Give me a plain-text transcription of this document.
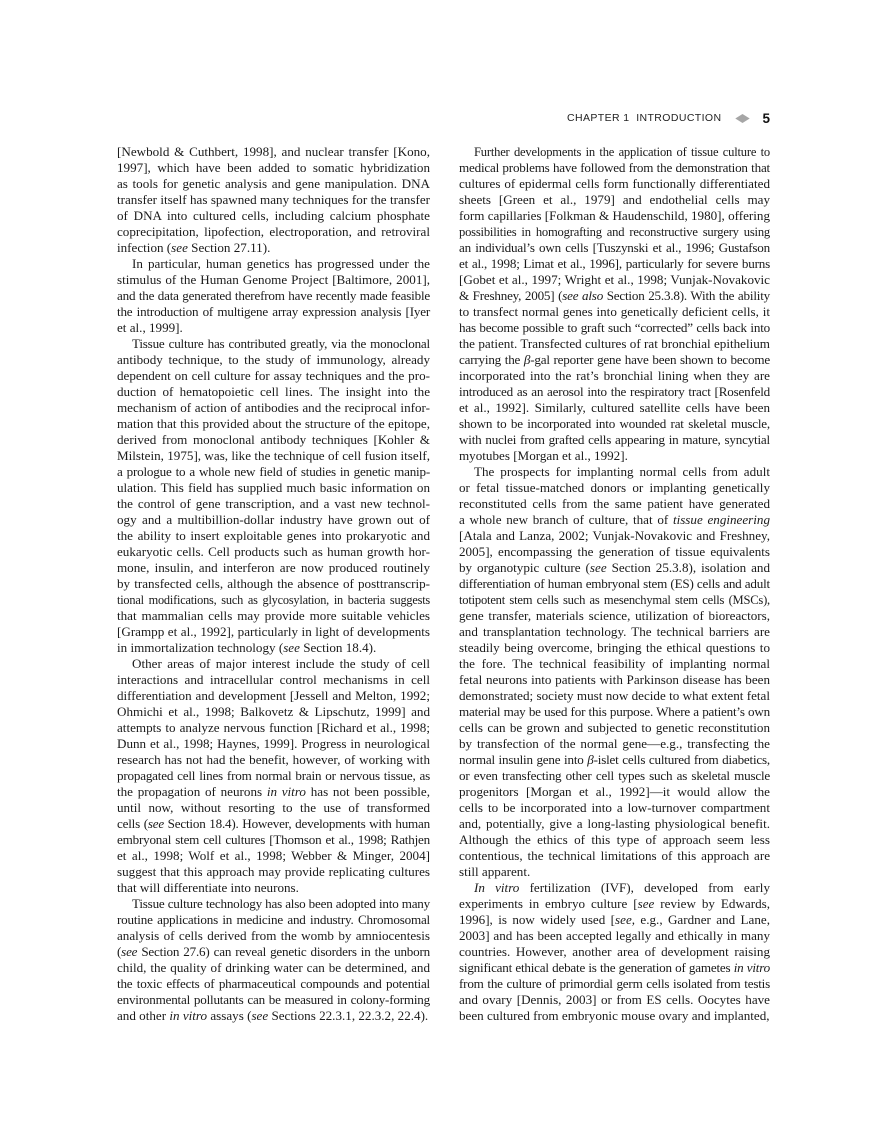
CHAPTER 1 INTRODUCTION	5
[Newbold & Cuthbert, 1998], and nuclear transfer [Kono,
1997], which have been added to somatic hybridization
as tools for genetic analysis and gene manipulation. DNA
transfer itself has spawned many techniques for the transfer
of DNA into cultured cells, including calcium phosphate
coprecipitation, lipofection, electroporation, and retroviral
infection (see Section 27.11).
In particular, human genetics has progressed under the
stimulus of the Human Genome Project [Baltimore, 2001],
and the data generated therefrom have recently made feasible
the introduction of multigene array expression analysis [Iyer
et al., 1999].
Tissue culture has contributed greatly, via the monoclonal
antibody technique, to the study of immunology, already
dependent on cell culture for assay techniques and the pro-
duction of hematopoietic cell lines. The insight into the
mechanism of action of antibodies and the reciprocal infor-
mation that this provided about the structure of the epitope,
derived from monoclonal antibody techniques [Kohler &
Milstein, 1975], was, like the technique of cell fusion itself,
a prologue to a whole new field of studies in genetic manip-
ulation. This field has supplied much basic information on
the control of gene transcription, and a vast new technol-
ogy and a multibillion-dollar industry have grown out of
the ability to insert exploitable genes into prokaryotic and
eukaryotic cells. Cell products such as human growth hor-
mone, insulin, and interferon are now produced routinely
by transfected cells, although the absence of posttranscrip-
tional modifications, such as glycosylation, in bacteria suggests
that mammalian cells may provide more suitable vehicles
[Grampp et al., 1992], particularly in light of developments
in immortalization technology (see Section 18.4).
Other areas of major interest include the study of cell
interactions and intracellular control mechanisms in cell
differentiation and development [Jessell and Melton, 1992;
Ohmichi et al., 1998; Balkovetz & Lipschutz, 1999] and
attempts to analyze nervous function [Richard et al., 1998;
Dunn et al., 1998; Haynes, 1999]. Progress in neurological
research has not had the benefit, however, of working with
propagated cell lines from normal brain or nervous tissue, as
the propagation of neurons in vitro has not been possible,
until now, without resorting to the use of transformed
cells (see Section 18.4). However, developments with human
embryonal stem cell cultures [Thomson et al., 1998; Rathjen
et al., 1998; Wolf et al., 1998; Webber & Minger, 2004]
suggest that this approach may provide replicating cultures
that will differentiate into neurons.
Tissue culture technology has also been adopted into many
routine applications in medicine and industry. Chromosomal
analysis of cells derived from the womb by amniocentesis
(see Section 27.6) can reveal genetic disorders in the unborn
child, the quality of drinking water can be determined, and
the toxic effects of pharmaceutical compounds and potential
environmental pollutants can be measured in colony-forming
and other in vitro assays (see Sections 22.3.1, 22.3.2, 22.4).
Further developments in the application of tissue culture to
medical problems have followed from the demonstration that
cultures of epidermal cells form functionally differentiated
sheets [Green et al., 1979] and endothelial cells may
form capillaries [Folkman & Haudenschild, 1980], offering
possibilities in homografting and reconstructive surgery using
an individual’s own cells [Tuszynski et al., 1996; Gustafson
et al., 1998; Limat et al., 1996], particularly for severe burns
[Gobet et al., 1997; Wright et al., 1998; Vunjak-Novakovic
& Freshney, 2005] (see also Section 25.3.8). With the ability
to transfect normal genes into genetically deficient cells, it
has become possible to graft such “corrected” cells back into
the patient. Transfected cultures of rat bronchial epithelium
carrying the β-gal reporter gene have been shown to become
incorporated into the rat’s bronchial lining when they are
introduced as an aerosol into the respiratory tract [Rosenfeld
et al., 1992]. Similarly, cultured satellite cells have been
shown to be incorporated into wounded rat skeletal muscle,
with nuclei from grafted cells appearing in mature, syncytial
myotubes [Morgan et al., 1992].
The prospects for implanting normal cells from adult
or fetal tissue-matched donors or implanting genetically
reconstituted cells from the same patient have generated
a whole new branch of culture, that of tissue engineering
[Atala and Lanza, 2002; Vunjak-Novakovic and Freshney,
2005], encompassing the generation of tissue equivalents
by organotypic culture (see Section 25.3.8), isolation and
differentiation of human embryonal stem (ES) cells and adult
totipotent stem cells such as mesenchymal stem cells (MSCs),
gene transfer, materials science, utilization of bioreactors,
and transplantation technology. The technical barriers are
steadily being overcome, bringing the ethical questions to
the fore. The technical feasibility of implanting normal
fetal neurons into patients with Parkinson disease has been
demonstrated; society must now decide to what extent fetal
material may be used for this purpose. Where a patient’s own
cells can be grown and subjected to genetic reconstitution
by transfection of the normal gene—e.g., transfecting the
normal insulin gene into β-islet cells cultured from diabetics,
or even transfecting other cell types such as skeletal muscle
progenitors [Morgan et al., 1992]—it would allow the
cells to be incorporated into a low-turnover compartment
and, potentially, give a long-lasting physiological benefit.
Although the ethics of this type of approach seem less
contentious, the technical limitations of this approach are
still apparent.
In vitro fertilization (IVF), developed from early
experiments in embryo culture [see review by Edwards,
1996], is now widely used [see, e.g., Gardner and Lane,
2003] and has been accepted legally and ethically in many
countries. However, another area of development raising
significant ethical debate is the generation of gametes in vitro
from the culture of primordial germ cells isolated from testis
and ovary [Dennis, 2003] or from ES cells. Oocytes have
been cultured from embryonic mouse ovary and implanted,
